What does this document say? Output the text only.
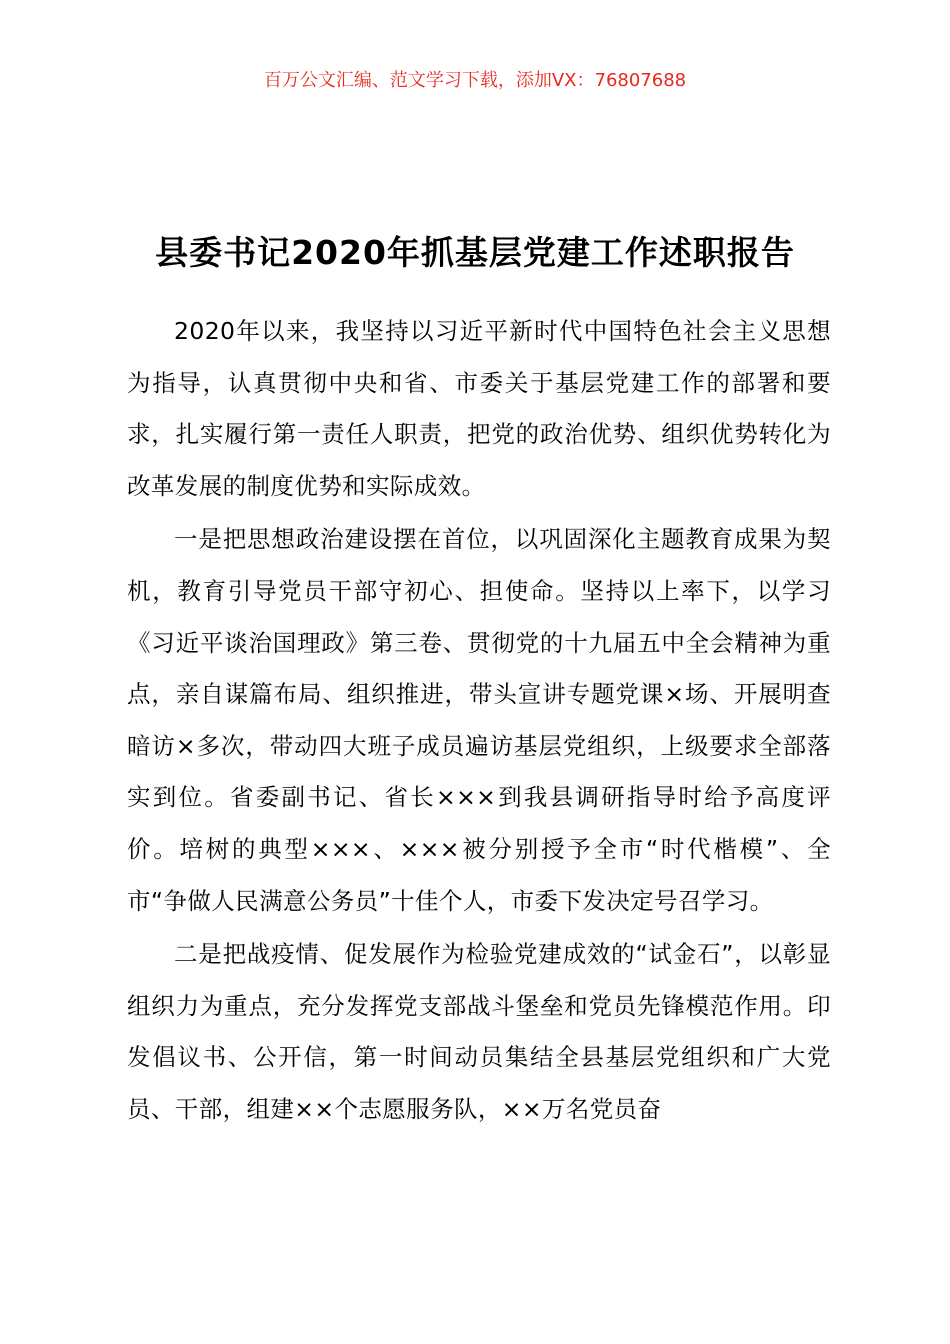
百万公文汇编、范文学习下载，添加VX：76807688
县委书记2020年抓基层党建工作述职报告

2020年以来，我坚持以习近平新时代中国特色社会主义思想为指导，认真贯彻中央和省、市委关于基层党建工作的部署和要求，扎实履行第一责任人职责，把党的政治优势、组织优势转化为改革发展的制度优势和实际成效。

一是把思想政治建设摆在首位，以巩固深化主题教育成果为契机，教育引导党员干部守初心、担使命。坚持以上率下，以学习《习近平谈治国理政》第三卷、贯彻党的十九届五中全会精神为重点，亲自谋篇布局、组织推进，带头宣讲专题党课×场、开展明查暗访×多次，带动四大班子成员遍访基层党组织，上级要求全部落实到位。省委副书记、省长×××到我县调研指导时给予高度评价。培树的典型×××、×××被分别授予全市“时代楷模”、全市“争做人民满意公务员”十佳个人，市委下发决定号召学习。

二是把战疫情、促发展作为检验党建成效的“试金石”，以彰显组织力为重点，充分发挥党支部战斗堡垒和党员先锋模范作用。印发倡议书、公开信，第一时间动员集结全县基层党组织和广大党员、干部，组建××个志愿服务队，××万名党员奋
